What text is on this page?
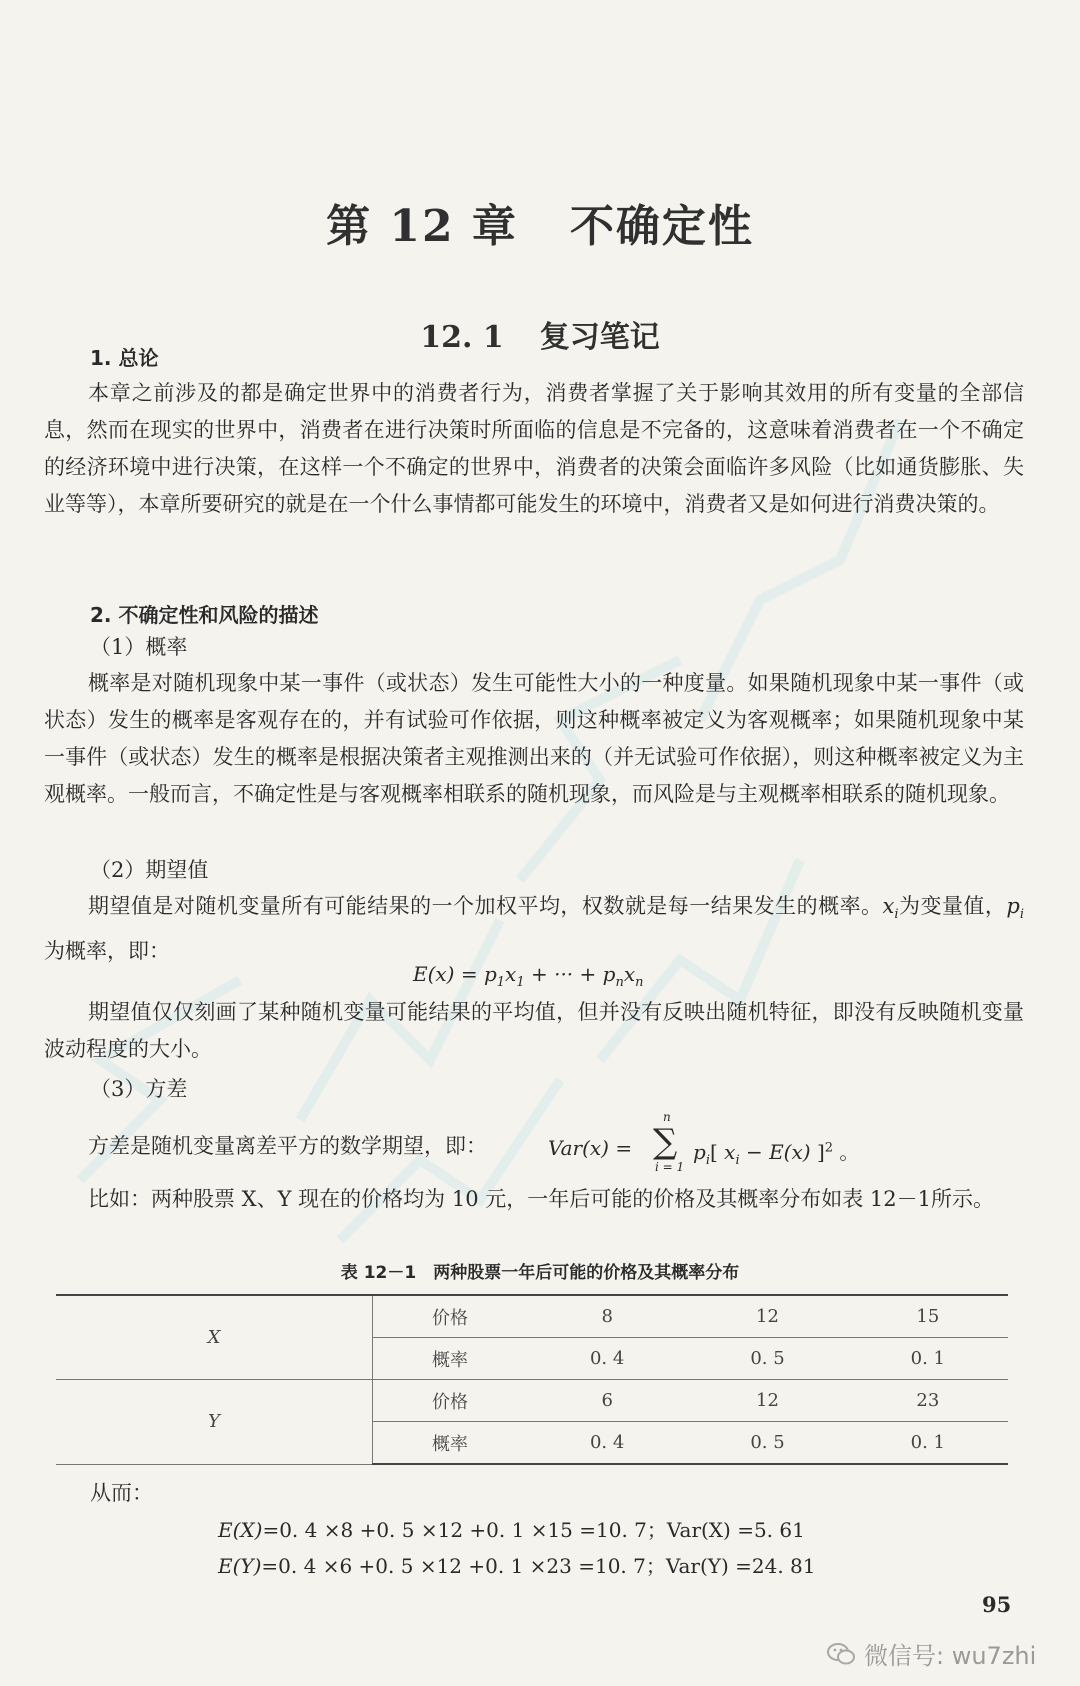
第 12 章 不确定性
12. 1 复习笔记
1. 总论
本章之前涉及的都是确定世界中的消费者行为，消费者掌握了关于影响其效用的所有变量的全部信息，然而在现实的世界中，消费者在进行决策时所面临的信息是不完备的，这意味着消费者在一个不确定的经济环境中进行决策，在这样一个不确定的世界中，消费者的决策会面临许多风险（比如通货膨胀、失业等等），本章所要研究的就是在一个什么事情都可能发生的环境中，消费者又是如何进行消费决策的。
2. 不确定性和风险的描述
（1）概率
概率是对随机现象中某一事件（或状态）发生可能性大小的一种度量。如果随机现象中某一事件（或状态）发生的概率是客观存在的，并有试验可作依据，则这种概率被定义为客观概率；如果随机现象中某一事件（或状态）发生的概率是根据决策者主观推测出来的（并无试验可作依据），则这种概率被定义为主观概率。一般而言，不确定性是与客观概率相联系的随机现象，而风险是与主观概率相联系的随机现象。
（2）期望值
期望值是对随机变量所有可能结果的一个加权平均，权数就是每一结果发生的概率。$x_i$为变量值，$p_i$ 为概率，即：
$E(x) = p_1x_1$ + ··· + $p_nx_n$
期望值仅仅刻画了某种随机变量可能结果的平均值，但并没有反映出随机特征，即没有反映随机变量波动程度的大小。
（3）方差
方差是随机变量离差平方的数学期望，即：	Var(x) =
n
∑
i = 1
$p_i$[ $x_i - E(x)$ ]$^2$ 。
比如：两种股票 X、Y 现在的价格均为 10 元，一年后可能的价格及其概率分布如表 12－1所示。
表 12－1　两种股票一年后可能的价格及其概率分布
X	价格	8	12	15
	概率	0. 4	0. 5	0. 1
Y	价格	6	12	23
	概率	0. 4	0. 5	0. 1
从而：
E(X)=0. 4 ×8 +0. 5 ×12 +0. 1 ×15 =10. 7；Var(X) =5. 61
E(Y)=0. 4 ×6 +0. 5 ×12 +0. 1 ×23 =10. 7；Var(Y) =24. 81
95
微信号: wu7zhi
